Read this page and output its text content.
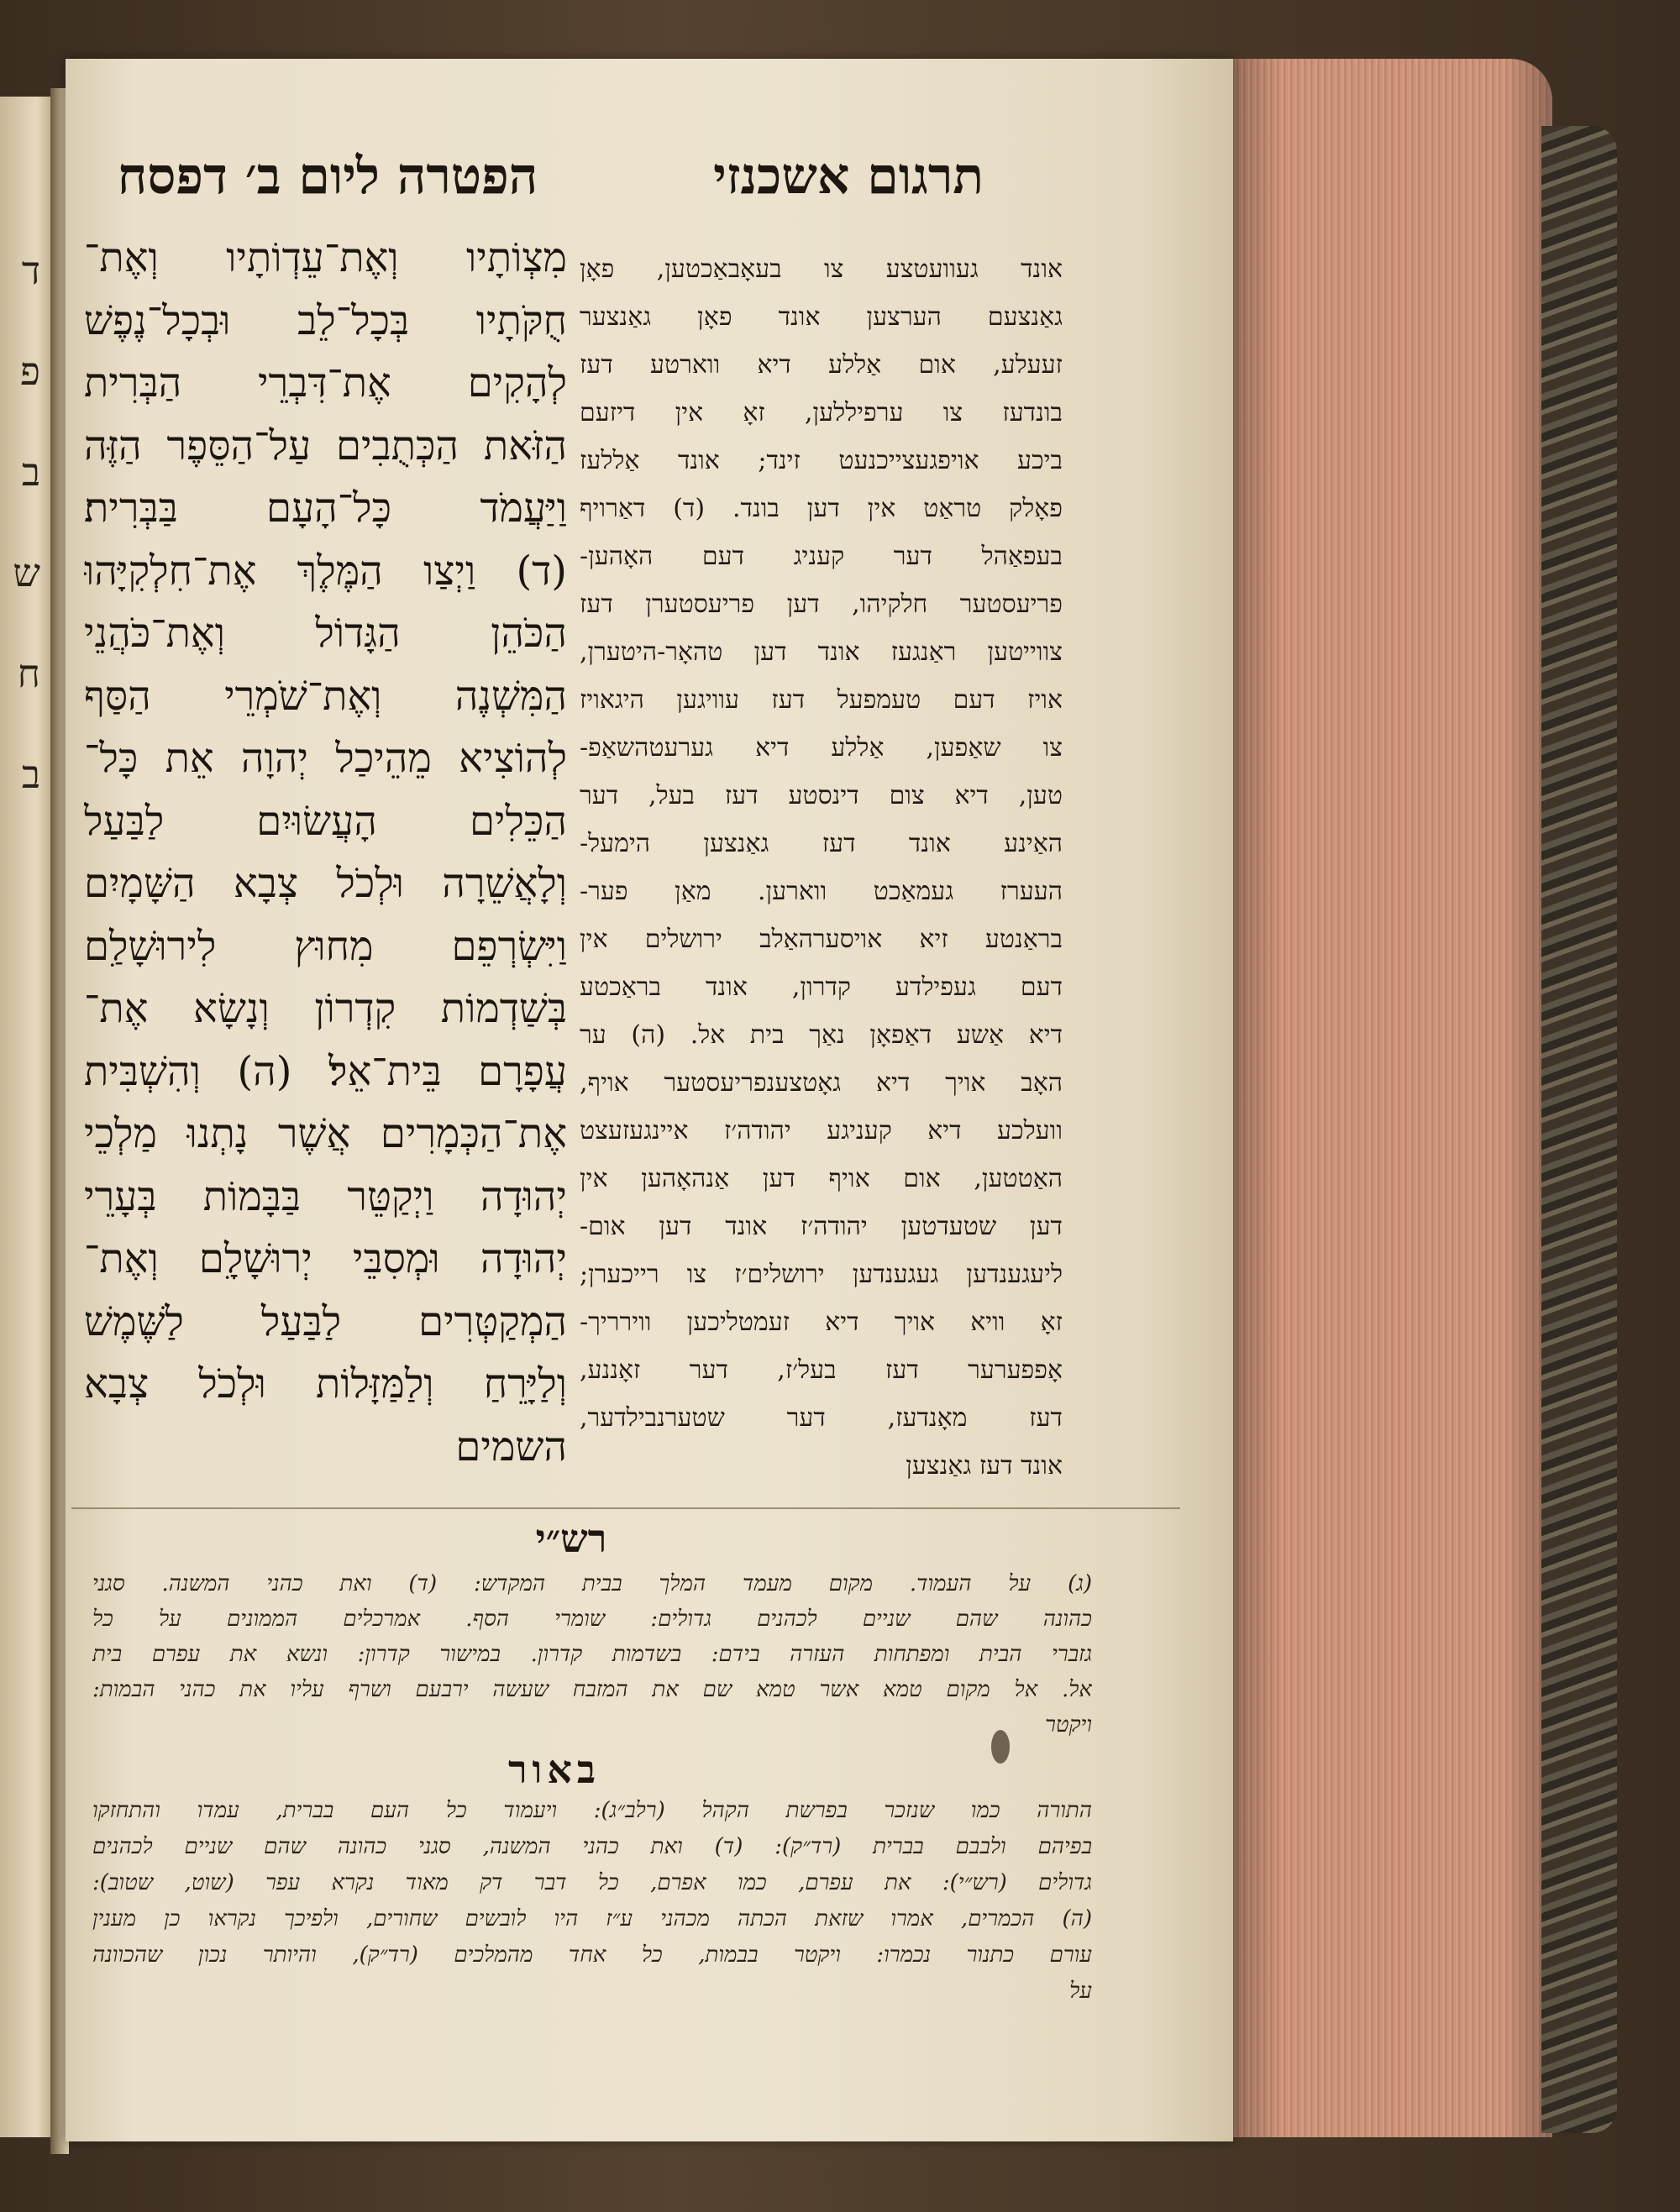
ד
פ
ב
ש
ח
ב
הפטרה ליום ב׳ דפסח	תרגום אשכנזי
מִצְוֹתָיו וְאֶת־עֵדְוֹתָיו וְאֶת־
חֻקֹּתָיו בְּכָל־לֵב וּבְכָל־נֶפֶשׁ
לְהָקִים אֶת־דִּבְרֵי הַבְּרִית
הַזֹּאת הַכְּתֻבִים עַל־הַסֵּפֶר הַזֶּה
וַיַּעֲמֹד כָּל־הָעָם בַּבְּרִית׃
(ד) וַיְצַו הַמֶּלֶךְ אֶת־חִלְקִיָּהוּ
הַכֹּהֵן הַגָּדוֹל וְאֶת־כֹּהֲנֵי
הַמִּשְׁנֶה וְאֶת־שֹׁמְרֵי הַסַּף
לְהוֹצִיא מֵהֵיכַל יְהוָה אֵת כָּל־
הַכֵּלִים הָעֲשׂוּיִם לַבַּעַל
וְלָאֲשֵׁרָה וּלְכֹל צְבָא הַשָּׁמָיִם
וַיִּשְׂרְפֵם מִחוּץ לִירוּשָׁלַ͏ִם
בְּשַׁדְמוֹת קִדְרוֹן וְנָשָׂא אֶת־
עֲפָרָם בֵּית־אֵל׃ (ה) וְהִשְׁבִּית
אֶת־הַכְּמָרִים אֲשֶׁר נָתְנוּ מַלְכֵי
יְהוּדָה וַיְקַטֵּר בַּבָּמוֹת בְּעָרֵי
יְהוּדָה וּמְסִבֵּי יְרוּשָׁלָ͏ִם וְאֶת־
הַמְקַטְּרִים לַבַּעַל לַשֶּׁמֶשׁ
וְלַיָּרֵחַ וְלַמַּזָּלוֹת וּלְכֹל צְבָא
השמים
אונד געוועטצע צו בעאָבאַכטען, פאָן
גאַנצעם הערצען אונד פאָן גאַנצער
זעעלע, אום אַללע דיא ווארטע דעז
בונדעז צו ערפיללען, זאָ אין דיזעם
ביכע אויפגעצייכנעט זינד; אונד אַללעז
פאָלק טראַט אין דען בונד. (ד) דאַרויף
בעפאַהל דער קעניג דעם האָהען-
פריעסטער חלקיהו, דען פריעסטערן דעז
צווייטען ראַנגעז אונד דען טהאָר-היטערן,
אויז דעם טעמפעל דעז עוויגען היגאויז
צו שאַפען, אַללע דיא גערעטהשאַפ-
טען, דיא צום דינסטע דעז בעל, דער
האַינע אונד דעז גאַנצען הימעל-
העערז געמאַכט ווארען. מאַן פער-
בראַנטע זיא אויסערהאַלב ירושלים אין
דעם געפילדע קדרון, אונד בראַכטע
דיא אַשע דאַפאָן נאַך בית אל. (ה) ער
האָב אויך דיא גאָטצענפריעסטער אויף,
וועלכע דיא קעניגע יהודה׳ז איינגעזעצט
האַטטען, אום אויף דען אַנהאָהען אין
דען שטעדטען יהודה׳ז אונד דען אום-
ליעגענדען געגענדען ירושלים׳ז צו רייכערן;
זאָ וויא אויך דיא זעמטליכען ווירריך-
אָפפערער דעז בעל׳ז, דער זאָננע,
דעז מאָנדעז, דער שטערנבילדער,
אונד דעז גאַנצען
רש״י
(ג) על העמוד. מקום מעמד המלך בבית המקדש: (ד) ואת כהני המשנה. סגני
כהונה שהם שניים לכהנים גדולים: שומרי הסף. אמרכלים הממונים על כל
גזברי הבית ומפתחות העזרה בידם: בשדמות קדרון. במישור קדרון: ונשא את עפרם בית
אל. אל מקום טמא אשר טמא שם את המזבח שעשה ירבעם ושרף עליו את כהני הבמות:
ויקטר
באור
התורה כמו שנזכר בפרשת הקהל (רלב״ג): ויעמוד כל העם בברית, עמדו והתחזקו
בפיהם ולבבם בברית (רד״ק): (ד) ואת כהני המשנה, סגני כהונה שהם שניים לכהנים
גדולים (רש״י): את עפרם, כמו אפרם, כל דבר דק מאוד נקרא עפר (שוט, שטוב):
(ה) הכמרים, אמרו שזאת הכתה מכהני ע״ז היו לובשים שחורים, ולפיכך נקראו כן מענין
עורם כתנור נכמרו: ויקטר בבמות, כל אחד מהמלכים (רד״ק), והיותר נכון שהכוונה
על
